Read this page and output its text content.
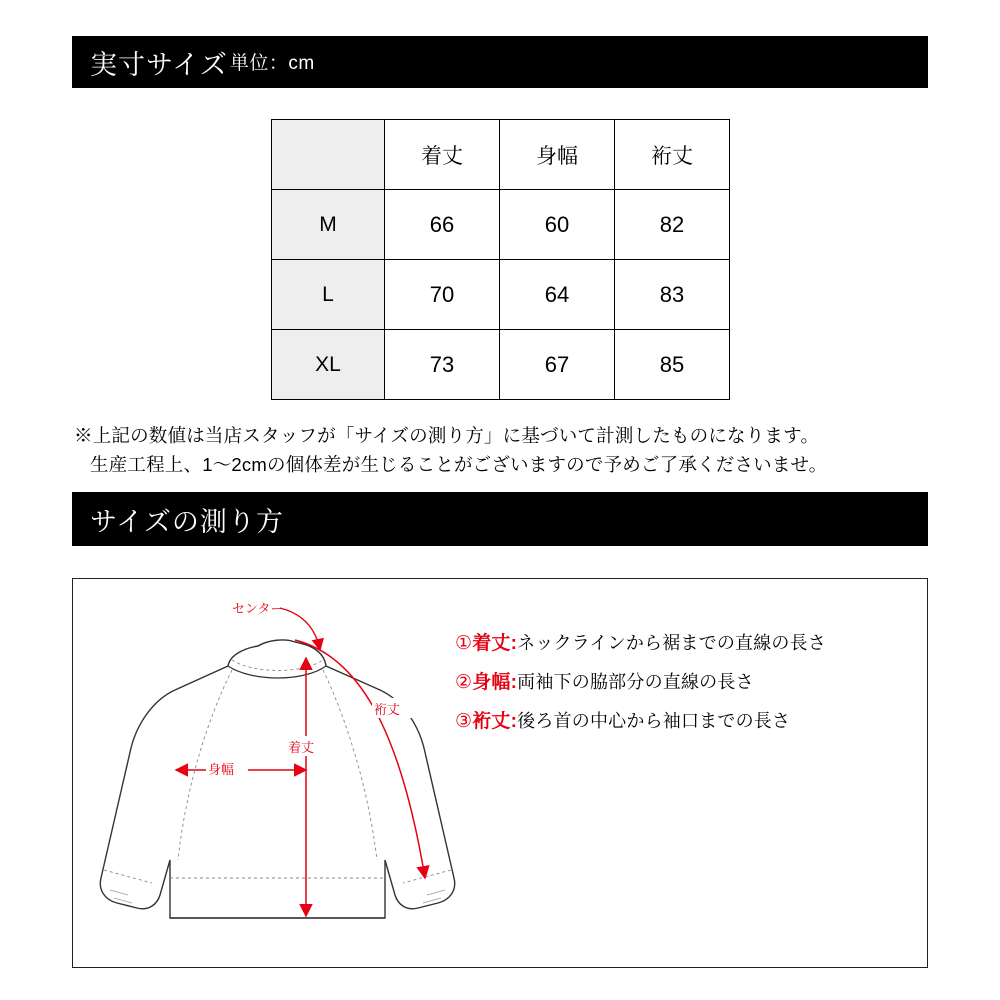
実寸サイズ 単位：cm
	着丈	身幅	裄丈
M	66	60	82
L	70	64	83
XL	73	67	85
※上記の数値は当店スタッフが「サイズの測り方」に基づいて計測したものになります。
生産工程上、1〜2cmの個体差が生じることがございますので予めご了承くださいませ。
サイズの測り方
①着丈:ネックラインから裾までの直線の長さ
②身幅:両袖下の脇部分の直線の長さ
③裄丈:後ろ首の中心から袖口までの長さ
センター
裄丈
着丈
身幅
